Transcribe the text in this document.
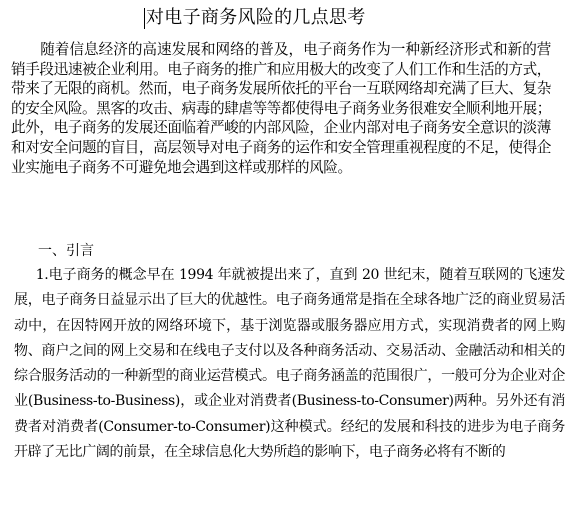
对电子商务风险的几点思考

随着信息经济的高速发展和网络的普及，电子商务作为一种新经济形式和新的营销手段迅速被企业利用。电子商务的推广和应用极大的改变了人们工作和生活的方式，带来了无限的商机。然而，电子商务发展所依托的平台一互联网络却充满了巨大、复杂的安全风险。黑客的攻击、病毒的肆虐等等都使得电子商务业务很难安全顺利地开展；此外，电子商务的发展还面临着严峻的内部风险，企业内部对电子商务安全意识的淡薄和对安全问题的盲目，高层领导对电子商务的运作和安全管理重视程度的不足，使得企业实施电子商务不可避免地会遇到这样或那样的风险。

一、引言

1.电子商务的概念早在 1994 年就被提出来了，直到 20 世纪末，随着互联网的飞速发展，电子商务日益显示出了巨大的优越性。电子商务通常是指在全球各地广泛的商业贸易活动中，在因特网开放的网络环境下，基于浏览器或服务器应用方式，实现消费者的网上购物、商户之间的网上交易和在线电子支付以及各种商务活动、交易活动、金融活动和相关的综合服务活动的一种新型的商业运营模式。电子商务涵盖的范围很广，一般可分为企业对企业(Business-to-Business)，或企业对消费者(Business-to-Consumer)两种。另外还有消费者对消费者(Consumer-to-Consumer)这种模式。经纪的发展和科技的进步为电子商务开辟了无比广阔的前景，在全球信息化大势所趋的影响下，电子商务必将有不断的
